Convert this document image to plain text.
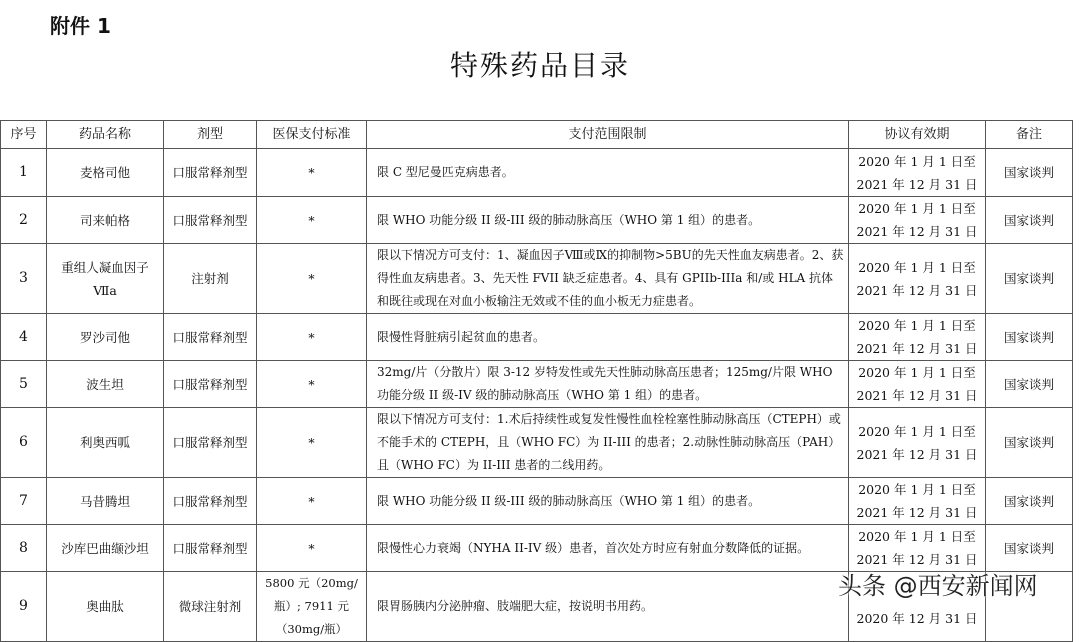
附件 1
特殊药品目录
序号	药品名称	剂型	医保支付标准	支付范围限制	协议有效期	备注
1	麦格司他	口服常释剂型	*	限 C 型尼曼匹克病患者。	2020 年 1 月 1 日至
2021 年 12 月 31 日	国家谈判
2	司来帕格	口服常释剂型	*	限 WHO 功能分级 II 级-III 级的肺动脉高压（WHO 第 1 组）的患者。	2020 年 1 月 1 日至
2021 年 12 月 31 日	国家谈判
3	重组人凝血因子Ⅶa	注射剂	*	限以下情况方可支付：1、凝血因子Ⅷ或Ⅸ的抑制物>5BU的先天性血友病患者。2、获得性血友病患者。3、先天性 FVII 缺乏症患者。4、具有 GPIIb-IIIa 和/或 HLA 抗体和既往或现在对血小板输注无效或不佳的血小板无力症患者。	2020 年 1 月 1 日至
2021 年 12 月 31 日	国家谈判
4	罗沙司他	口服常释剂型	*	限慢性肾脏病引起贫血的患者。	2020 年 1 月 1 日至
2021 年 12 月 31 日	国家谈判
5	波生坦	口服常释剂型	*	32mg/片（分散片）限 3-12 岁特发性或先天性肺动脉高压患者；125mg/片限 WHO 功能分级 II 级-IV 级的肺动脉高压（WHO 第 1 组）的患者。	2020 年 1 月 1 日至
2021 年 12 月 31 日	国家谈判
6	利奥西呱	口服常释剂型	*	限以下情况方可支付：1.术后持续性或复发性慢性血栓栓塞性肺动脉高压（CTEPH）或不能手术的 CTEPH，且（WHO FC）为 II-III 的患者；2.动脉性肺动脉高压（PAH）且（WHO FC）为 II-III 患者的二线用药。	2020 年 1 月 1 日至
2021 年 12 月 31 日	国家谈判
7	马昔腾坦	口服常释剂型	*	限 WHO 功能分级 II 级-III 级的肺动脉高压（WHO 第 1 组）的患者。	2020 年 1 月 1 日至
2021 年 12 月 31 日	国家谈判
8	沙库巴曲缬沙坦	口服常释剂型	*	限慢性心力衰竭（NYHA II-IV 级）患者，首次处方时应有射血分数降低的证据。	2020 年 1 月 1 日至
2021 年 12 月 31 日	国家谈判
9	奥曲肽	微球注射剂	5800 元（20mg/瓶）; 7911 元（30mg/瓶）	限胃肠胰内分泌肿瘤、肢端肥大症，按说明书用药。	2020 年 12 月 31 日	

头条 @西安新闻网
